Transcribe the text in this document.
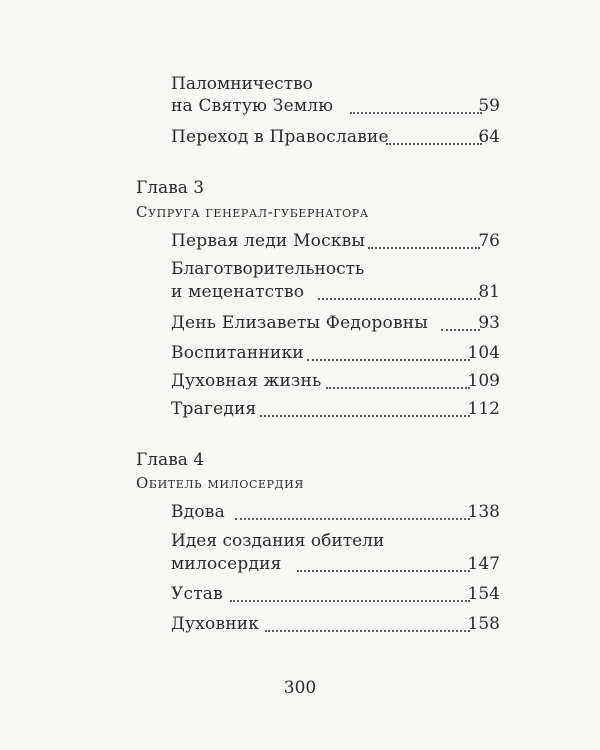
Паломничество
на Святую Землю	59
Переход в Православие	64
Глава 3
Супруга генерал-губернатора
Первая леди Москвы	76
Благотворительность
и меценатство	81
День Елизаветы Федоровны	93
Воспитанники	104
Духовная жизнь	109
Трагедия	112
Глава 4
Обитель милосердия
Вдова	138
Идея создания обители
милосердия	147
Устав	154
Духовник	158
300
